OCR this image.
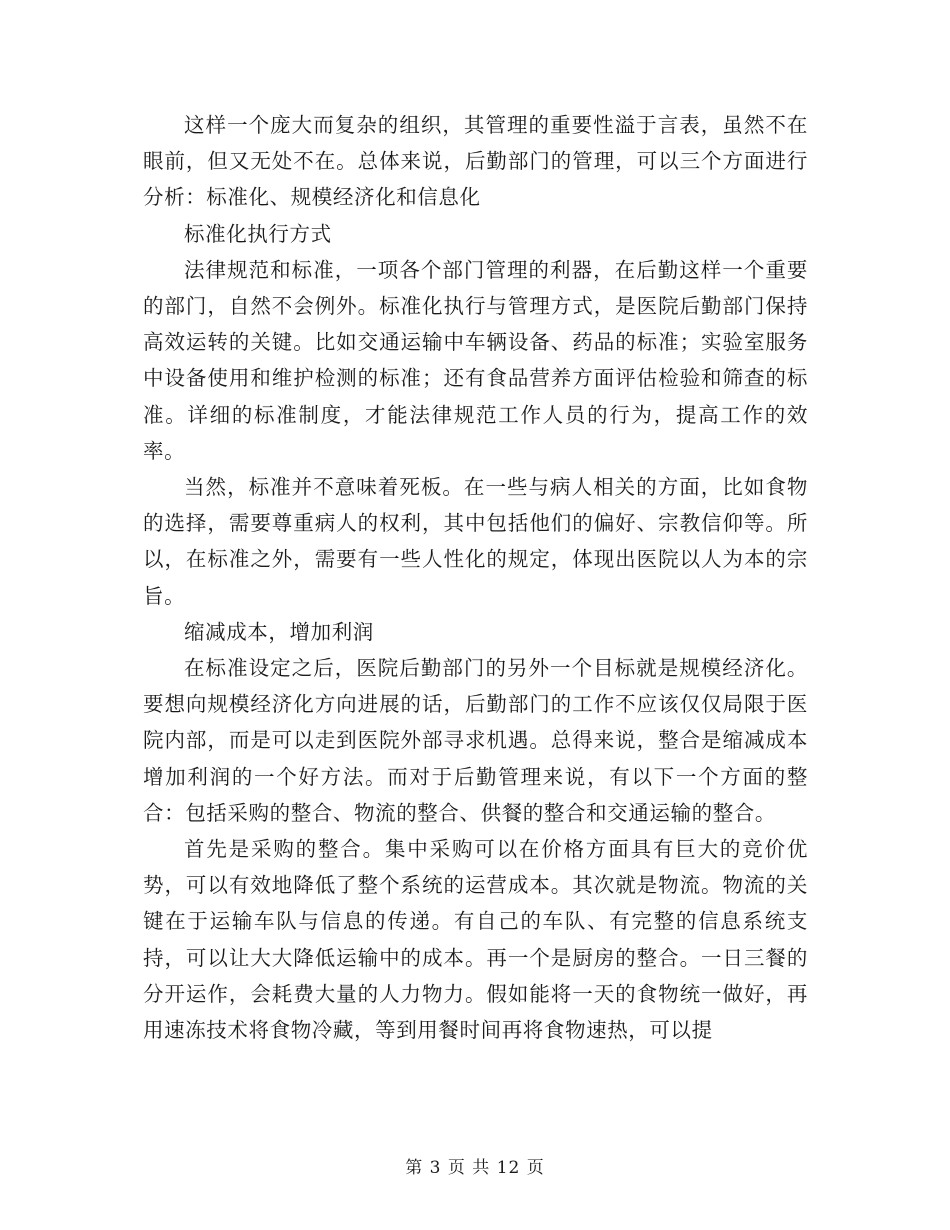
这样一个庞大而复杂的组织，其管理的重要性溢于言表，虽然不在眼前，但又无处不在。总体来说，后勤部门的管理，可以三个方面进行分析：标准化、规模经济化和信息化

标准化执行方式

法律规范和标准，一项各个部门管理的利器，在后勤这样一个重要的部门，自然不会例外。标准化执行与管理方式，是医院后勤部门保持高效运转的关键。比如交通运输中车辆设备、药品的标准；实验室服务中设备使用和维护检测的标准；还有食品营养方面评估检验和筛查的标准。详细的标准制度，才能法律规范工作人员的行为，提高工作的效率。

当然，标准并不意味着死板。在一些与病人相关的方面，比如食物的选择，需要尊重病人的权利，其中包括他们的偏好、宗教信仰等。所以，在标准之外，需要有一些人性化的规定，体现出医院以人为本的宗旨。

缩减成本，增加利润

在标准设定之后，医院后勤部门的另外一个目标就是规模经济化。要想向规模经济化方向进展的话，后勤部门的工作不应该仅仅局限于医院内部，而是可以走到医院外部寻求机遇。总得来说，整合是缩减成本增加利润的一个好方法。而对于后勤管理来说，有以下一个方面的整合：包括采购的整合、物流的整合、供餐的整合和交通运输的整合。

首先是采购的整合。集中采购可以在价格方面具有巨大的竞价优势，可以有效地降低了整个系统的运营成本。其次就是物流。物流的关键在于运输车队与信息的传递。有自己的车队、有完整的信息系统支持，可以让大大降低运输中的成本。再一个是厨房的整合。一日三餐的分开运作，会耗费大量的人力物力。假如能将一天的食物统一做好，再用速冻技术将食物冷藏，等到用餐时间再将食物速热，可以提

第 3 页 共 12 页
